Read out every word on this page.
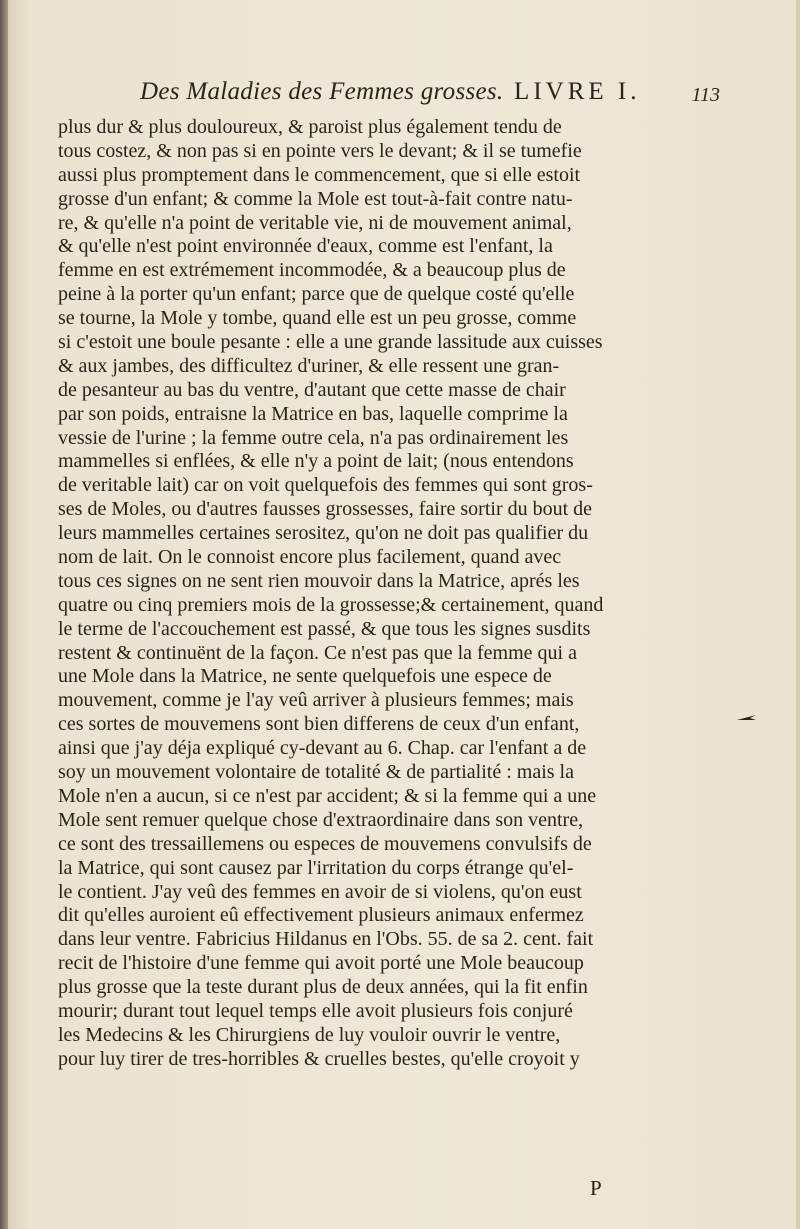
Des Maladies des Femmes grosses. LIVRE I.	113
plus dur & plus douloureux, & paroist plus également tendu de
tous costez, & non pas si en pointe vers le devant; & il se tumefie
aussi plus promptement dans le commencement, que si elle estoit
grosse d'un enfant; & comme la Mole est tout-à-fait contre natu-
re, & qu'elle n'a point de veritable vie, ni de mouvement animal,
& qu'elle n'est point environnée d'eaux, comme est l'enfant, la
femme en est extrémement incommodée, & a beaucoup plus de
peine à la porter qu'un enfant; parce que de quelque costé qu'elle
se tourne, la Mole y tombe, quand elle est un peu grosse, comme
si c'estoit une boule pesante : elle a une grande lassitude aux cuisses
& aux jambes, des difficultez d'uriner, & elle ressent une gran-
de pesanteur au bas du ventre, d'autant que cette masse de chair
par son poids, entraisne la Matrice en bas, laquelle comprime la
vessie de l'urine ; la femme outre cela, n'a pas ordinairement les
mammelles si enflées, & elle n'y a point de lait; (nous entendons
de veritable lait) car on voit quelquefois des femmes qui sont gros-
ses de Moles, ou d'autres fausses grossesses, faire sortir du bout de
leurs mammelles certaines serositez, qu'on ne doit pas qualifier du
nom de lait. On le connoist encore plus facilement, quand avec
tous ces signes on ne sent rien mouvoir dans la Matrice, aprés les
quatre ou cinq premiers mois de la grossesse;& certainement, quand
le terme de l'accouchement est passé, & que tous les signes susdits
restent & continuënt de la façon. Ce n'est pas que la femme qui a
une Mole dans la Matrice, ne sente quelquefois une espece de
mouvement, comme je l'ay veû arriver à plusieurs femmes; mais
ces sortes de mouvemens sont bien differens de ceux d'un enfant,
ainsi que j'ay déja expliqué cy-devant au 6. Chap. car l'enfant a de
soy un mouvement volontaire de totalité & de partialité : mais la
Mole n'en a aucun, si ce n'est par accident; & si la femme qui a une
Mole sent remuer quelque chose d'extraordinaire dans son ventre,
ce sont des tressaillemens ou especes de mouvemens convulsifs de
la Matrice, qui sont causez par l'irritation du corps étrange qu'el-
le contient. J'ay veû des femmes en avoir de si violens, qu'on eust
dit qu'elles auroient eû effectivement plusieurs animaux enfermez
dans leur ventre. Fabricius Hildanus en l'Obs. 55. de sa 2. cent. fait
recit de l'histoire d'une femme qui avoit porté une Mole beaucoup
plus grosse que la teste durant plus de deux années, qui la fit enfin
mourir; durant tout lequel temps elle avoit plusieurs fois conjuré
les Medecins & les Chirurgiens de luy vouloir ouvrir le ventre,
pour luy tirer de tres-horribles & cruelles bestes, qu'elle croyoit y
P
